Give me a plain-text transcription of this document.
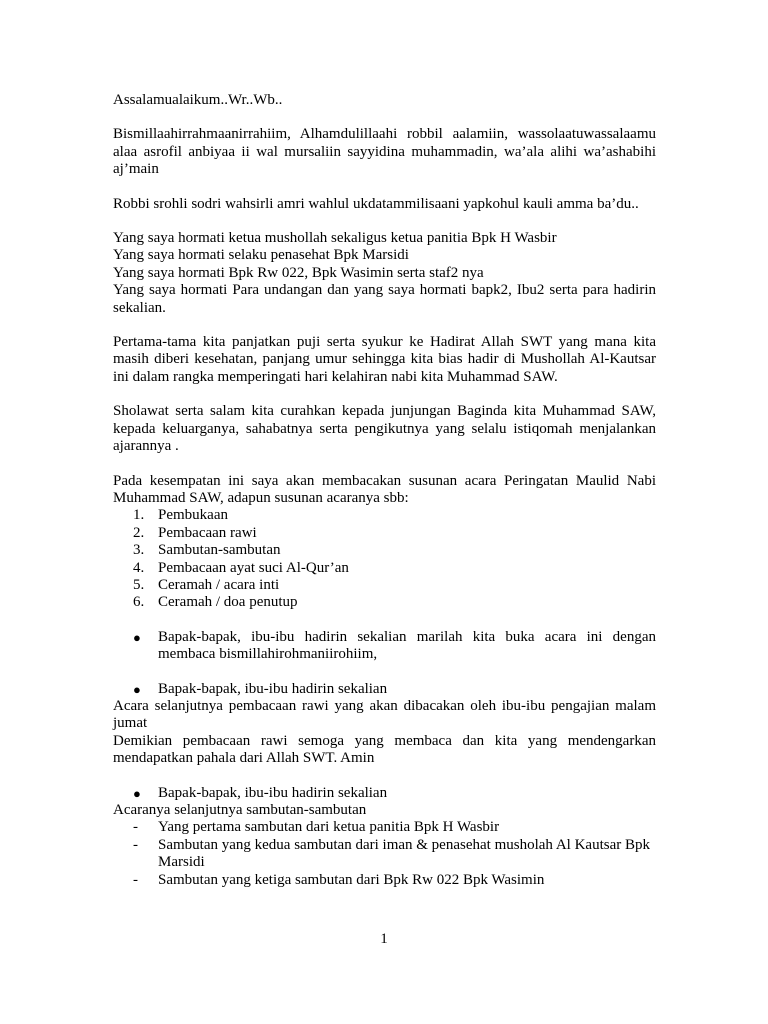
Assalamualaikum..Wr..Wb..

Bismillaahirrahmaanirrahiim, Alhamdulillaahi robbil aalamiin, wassolaatuwassalaamu alaa asrofil anbiyaa ii wal mursaliin sayyidina muhammadin, wa’ala alihi wa’ashabihi aj’main

Robbi srohli sodri wahsirli amri wahlul ukdatammilisaani yapkohul kauli amma ba’du..

Yang saya hormati ketua mushollah sekaligus ketua panitia Bpk H Wasbir

Yang saya hormati selaku penasehat Bpk Marsidi

Yang saya hormati Bpk Rw 022, Bpk Wasimin serta staf2 nya

Yang saya hormati Para undangan dan yang saya hormati bapk2, Ibu2 serta para hadirin sekalian.

Pertama-tama kita panjatkan puji serta syukur ke Hadirat Allah SWT yang mana kita masih diberi kesehatan, panjang umur sehingga kita bias hadir di Mushollah Al-Kautsar ini dalam rangka memperingati hari kelahiran nabi kita Muhammad SAW.

Sholawat serta salam kita curahkan kepada junjungan Baginda kita Muhammad SAW, kepada keluarganya, sahabatnya serta pengikutnya yang selalu istiqomah menjalankan ajarannya .

Pada kesempatan ini saya akan membacakan susunan acara Peringatan Maulid Nabi Muhammad SAW, adapun susunan acaranya sbb:

1. Pembukaan
2. Pembacaan rawi
3. Sambutan-sambutan
4. Pembacaan ayat suci Al-Qur’an
5. Ceramah / acara inti
6. Ceramah / doa penutup
● Bapak-bapak, ibu-ibu hadirin sekalian marilah kita buka acara ini dengan membaca bismillahirohmaniirohiim,
● Bapak-bapak, ibu-ibu hadirin sekalian

Acara selanjutnya pembacaan rawi yang akan dibacakan oleh ibu-ibu pengajian malam jumat

Demikian pembacaan rawi semoga yang membaca dan kita yang mendengarkan mendapatkan pahala dari Allah SWT. Amin

● Bapak-bapak, ibu-ibu hadirin sekalian

Acaranya selanjutnya sambutan-sambutan

- Yang pertama sambutan dari ketua panitia Bpk H Wasbir
- Sambutan yang kedua sambutan dari iman & penasehat musholah Al Kautsar Bpk Marsidi
- Sambutan yang ketiga sambutan dari Bpk Rw 022 Bpk Wasimin
1
